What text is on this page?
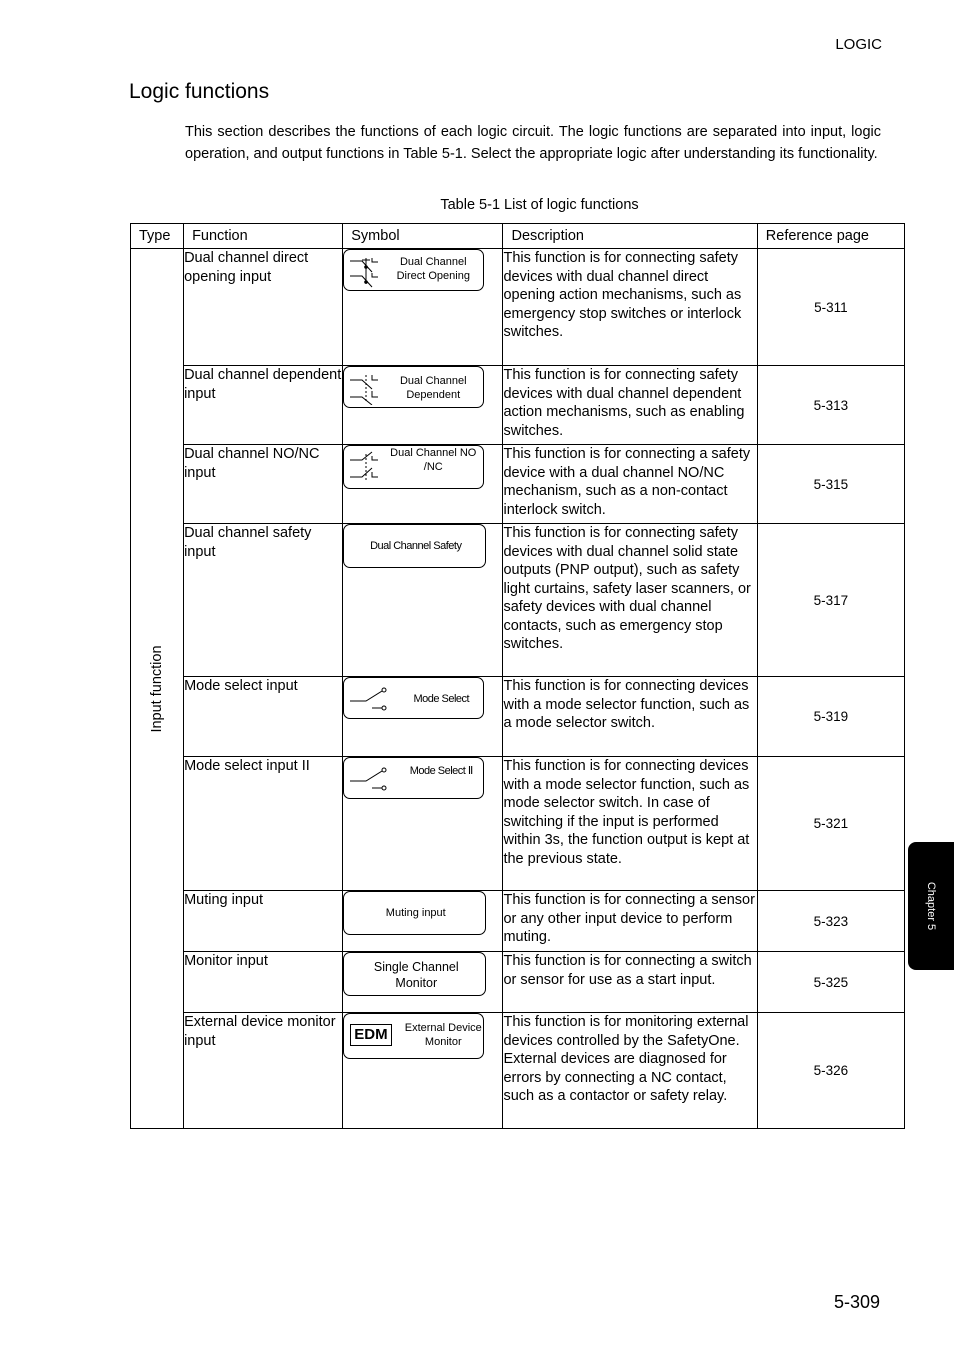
LOGIC
Logic functions

This section describes the functions of each logic circuit. The logic functions are separated into input, logic operation, and output functions in Table 5-1. Select the appropriate logic after understanding its functionality.

Table 5-1 List of logic functions
Type	Function	Symbol	Description	Reference page

Input function	Dual channel direct opening input	Dual Channel Direct Opening	This function is for connecting safety devices with dual channel direct opening action mechanisms, such as emergency stop switches or interlock switches.	5-311
	Dual channel dependent input	Dual Channel Dependent	This function is for connecting safety devices with dual channel dependent action mechanisms, such as enabling switches.	5-313
	Dual channel NO/NC input	Dual Channel NO /NC	This function is for connecting a safety device with a dual channel NO/NC mechanism, such as a non-contact interlock switch.	5-315
	Dual channel safety input	Dual Channel Safety	This function is for connecting safety devices with dual channel solid state outputs (PNP output), such as safety light curtains, safety laser scanners, or safety devices with dual channel contacts, such as emergency stop switches.	5-317
	Mode select input	Mode Select	This function is for connecting devices with a mode selector function, such as a mode selector switch.	5-319
	Mode select input II	Mode Select Ⅱ	This function is for connecting devices with a mode selector function, such as mode selector switch. In case of switching if the input is performed within 3s, the function output is kept at the previous state.	5-321
	Muting input	Muting input	This function is for connecting a sensor or any other input device to perform muting.	5-323
	Monitor input	Single Channel Monitor	This function is for connecting a switch or sensor for use as a start input.	5-325
	External device monitor input	EDM External Device Monitor	This function is for monitoring external devices controlled by the SafetyOne. External devices are diagnosed for errors by connecting a NC contact, such as a contactor or safety relay.	5-326
Chapter 5
5-309
